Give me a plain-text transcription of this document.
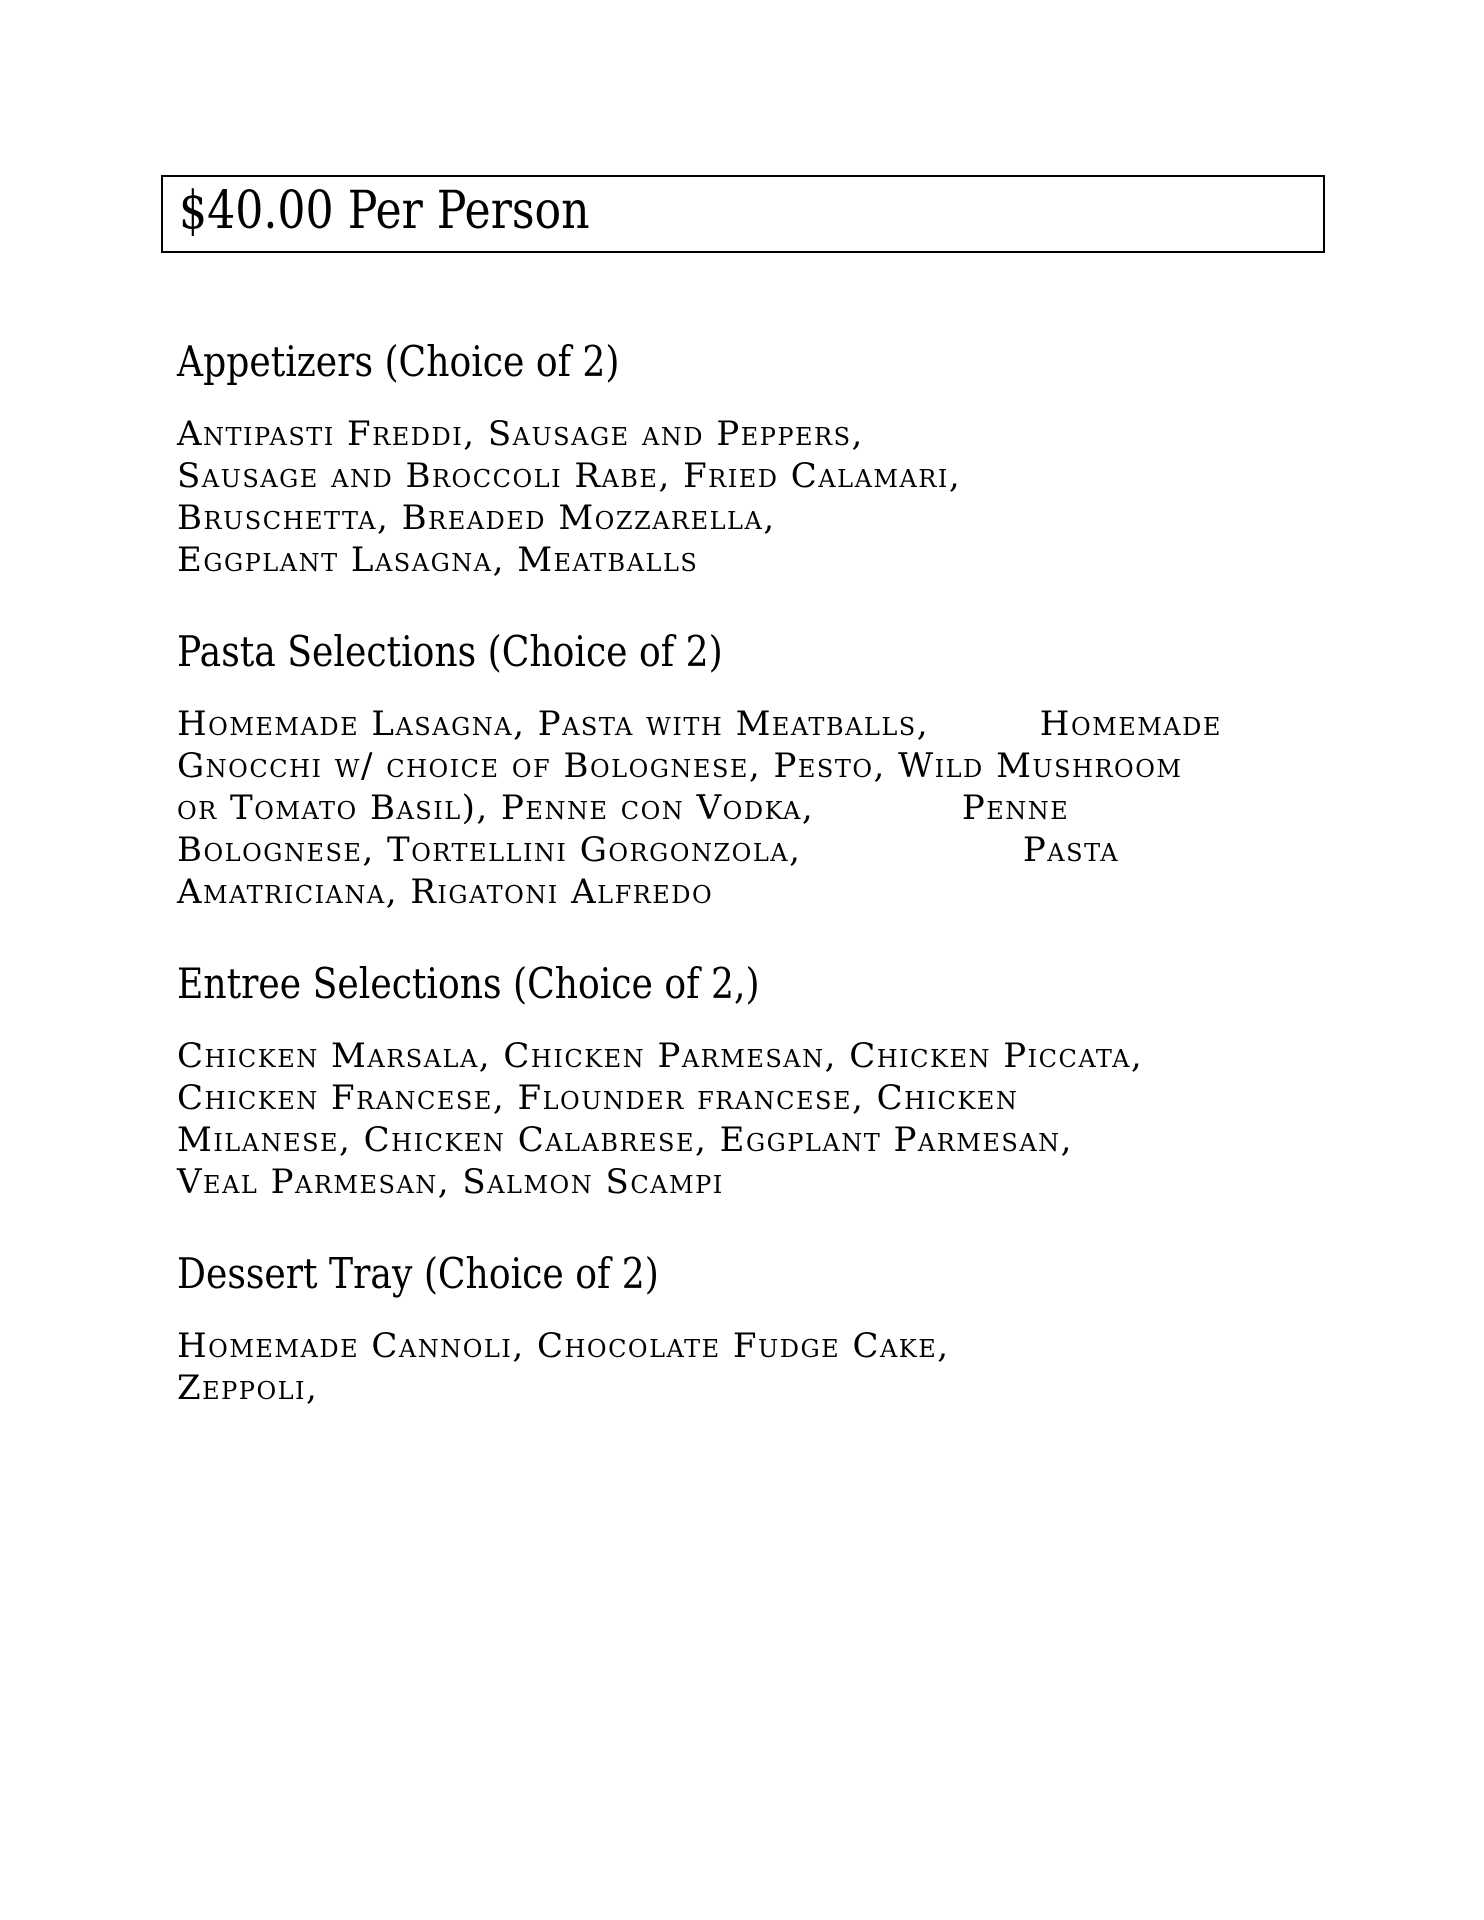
$40.00 Per Person
Appetizers (Choice of 2)
Antipasti Freddi, Sausage and Peppers,
Sausage and Broccoli Rabe, Fried Calamari,
Bruschetta, Breaded Mozzarella,
Eggplant Lasagna, Meatballs
Pasta Selections (Choice of 2)
Homemade Lasagna, Pasta with Meatballs,         Homemade
Gnocchi w/ choice of Bolognese, Pesto, Wild Mushroom
or Tomato Basil), Penne con Vodka,            Penne
Bolognese, Tortellini Gorgonzola,                  Pasta
Amatriciana, Rigatoni Alfredo
Entree Selections (Choice of 2,)
Chicken Marsala, Chicken Parmesan, Chicken Piccata,
Chicken Francese, Flounder francese, Chicken
Milanese, Chicken Calabrese, Eggplant Parmesan,
Veal Parmesan, Salmon Scampi
Dessert Tray (Choice of 2)
Homemade Cannoli, Chocolate Fudge Cake,
Zeppoli,
